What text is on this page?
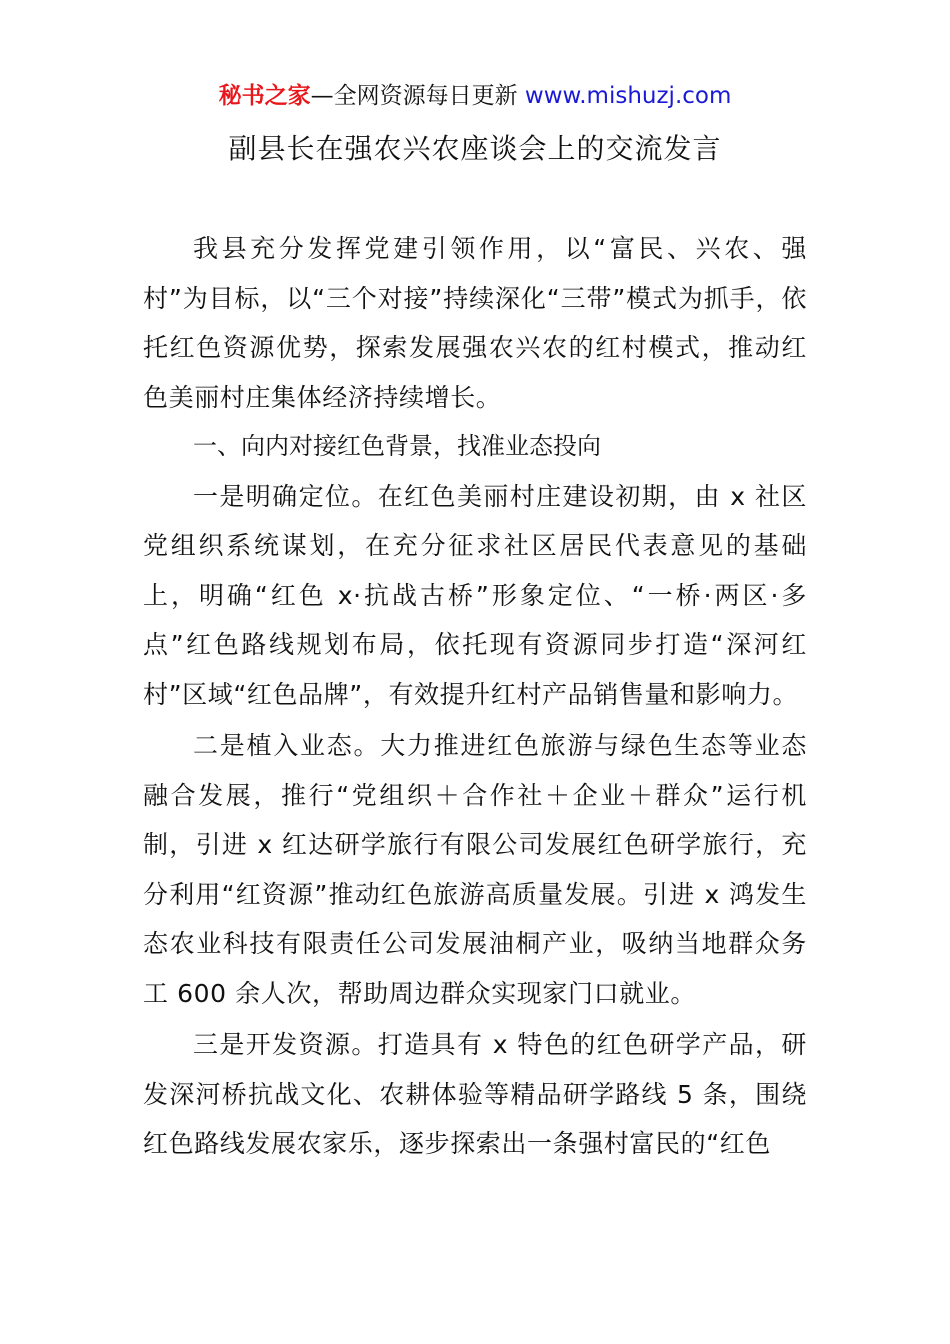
秘书之家—全网资源每日更新 www.mishuzj.com
副县长在强农兴农座谈会上的交流发言

我县充分发挥党建引领作用，以“富民、兴农、强村”为目标，以“三个对接”持续深化“三带”模式为抓手，依托红色资源优势，探索发展强农兴农的红村模式，推动红色美丽村庄集体经济持续增长。

一、向内对接红色背景，找准业态投向

一是明确定位。在红色美丽村庄建设初期，由 x 社区党组织系统谋划，在充分征求社区居民代表意见的基础上，明确“红色 x·抗战古桥”形象定位、“一桥·两区·多点”红色路线规划布局，依托现有资源同步打造“深河红村”区域“红色品牌”，有效提升红村产品销售量和影响力。

二是植入业态。大力推进红色旅游与绿色生态等业态融合发展，推行“党组织＋合作社＋企业＋群众”运行机制，引进 x 红达研学旅行有限公司发展红色研学旅行，充分利用“红资源”推动红色旅游高质量发展。引进 x 鸿发生态农业科技有限责任公司发展油桐产业，吸纳当地群众务工 600 余人次，帮助周边群众实现家门口就业。

三是开发资源。打造具有 x 特色的红色研学产品，研发深河桥抗战文化、农耕体验等精品研学路线 5 条，围绕红色路线发展农家乐，逐步探索出一条强村富民的“红色
